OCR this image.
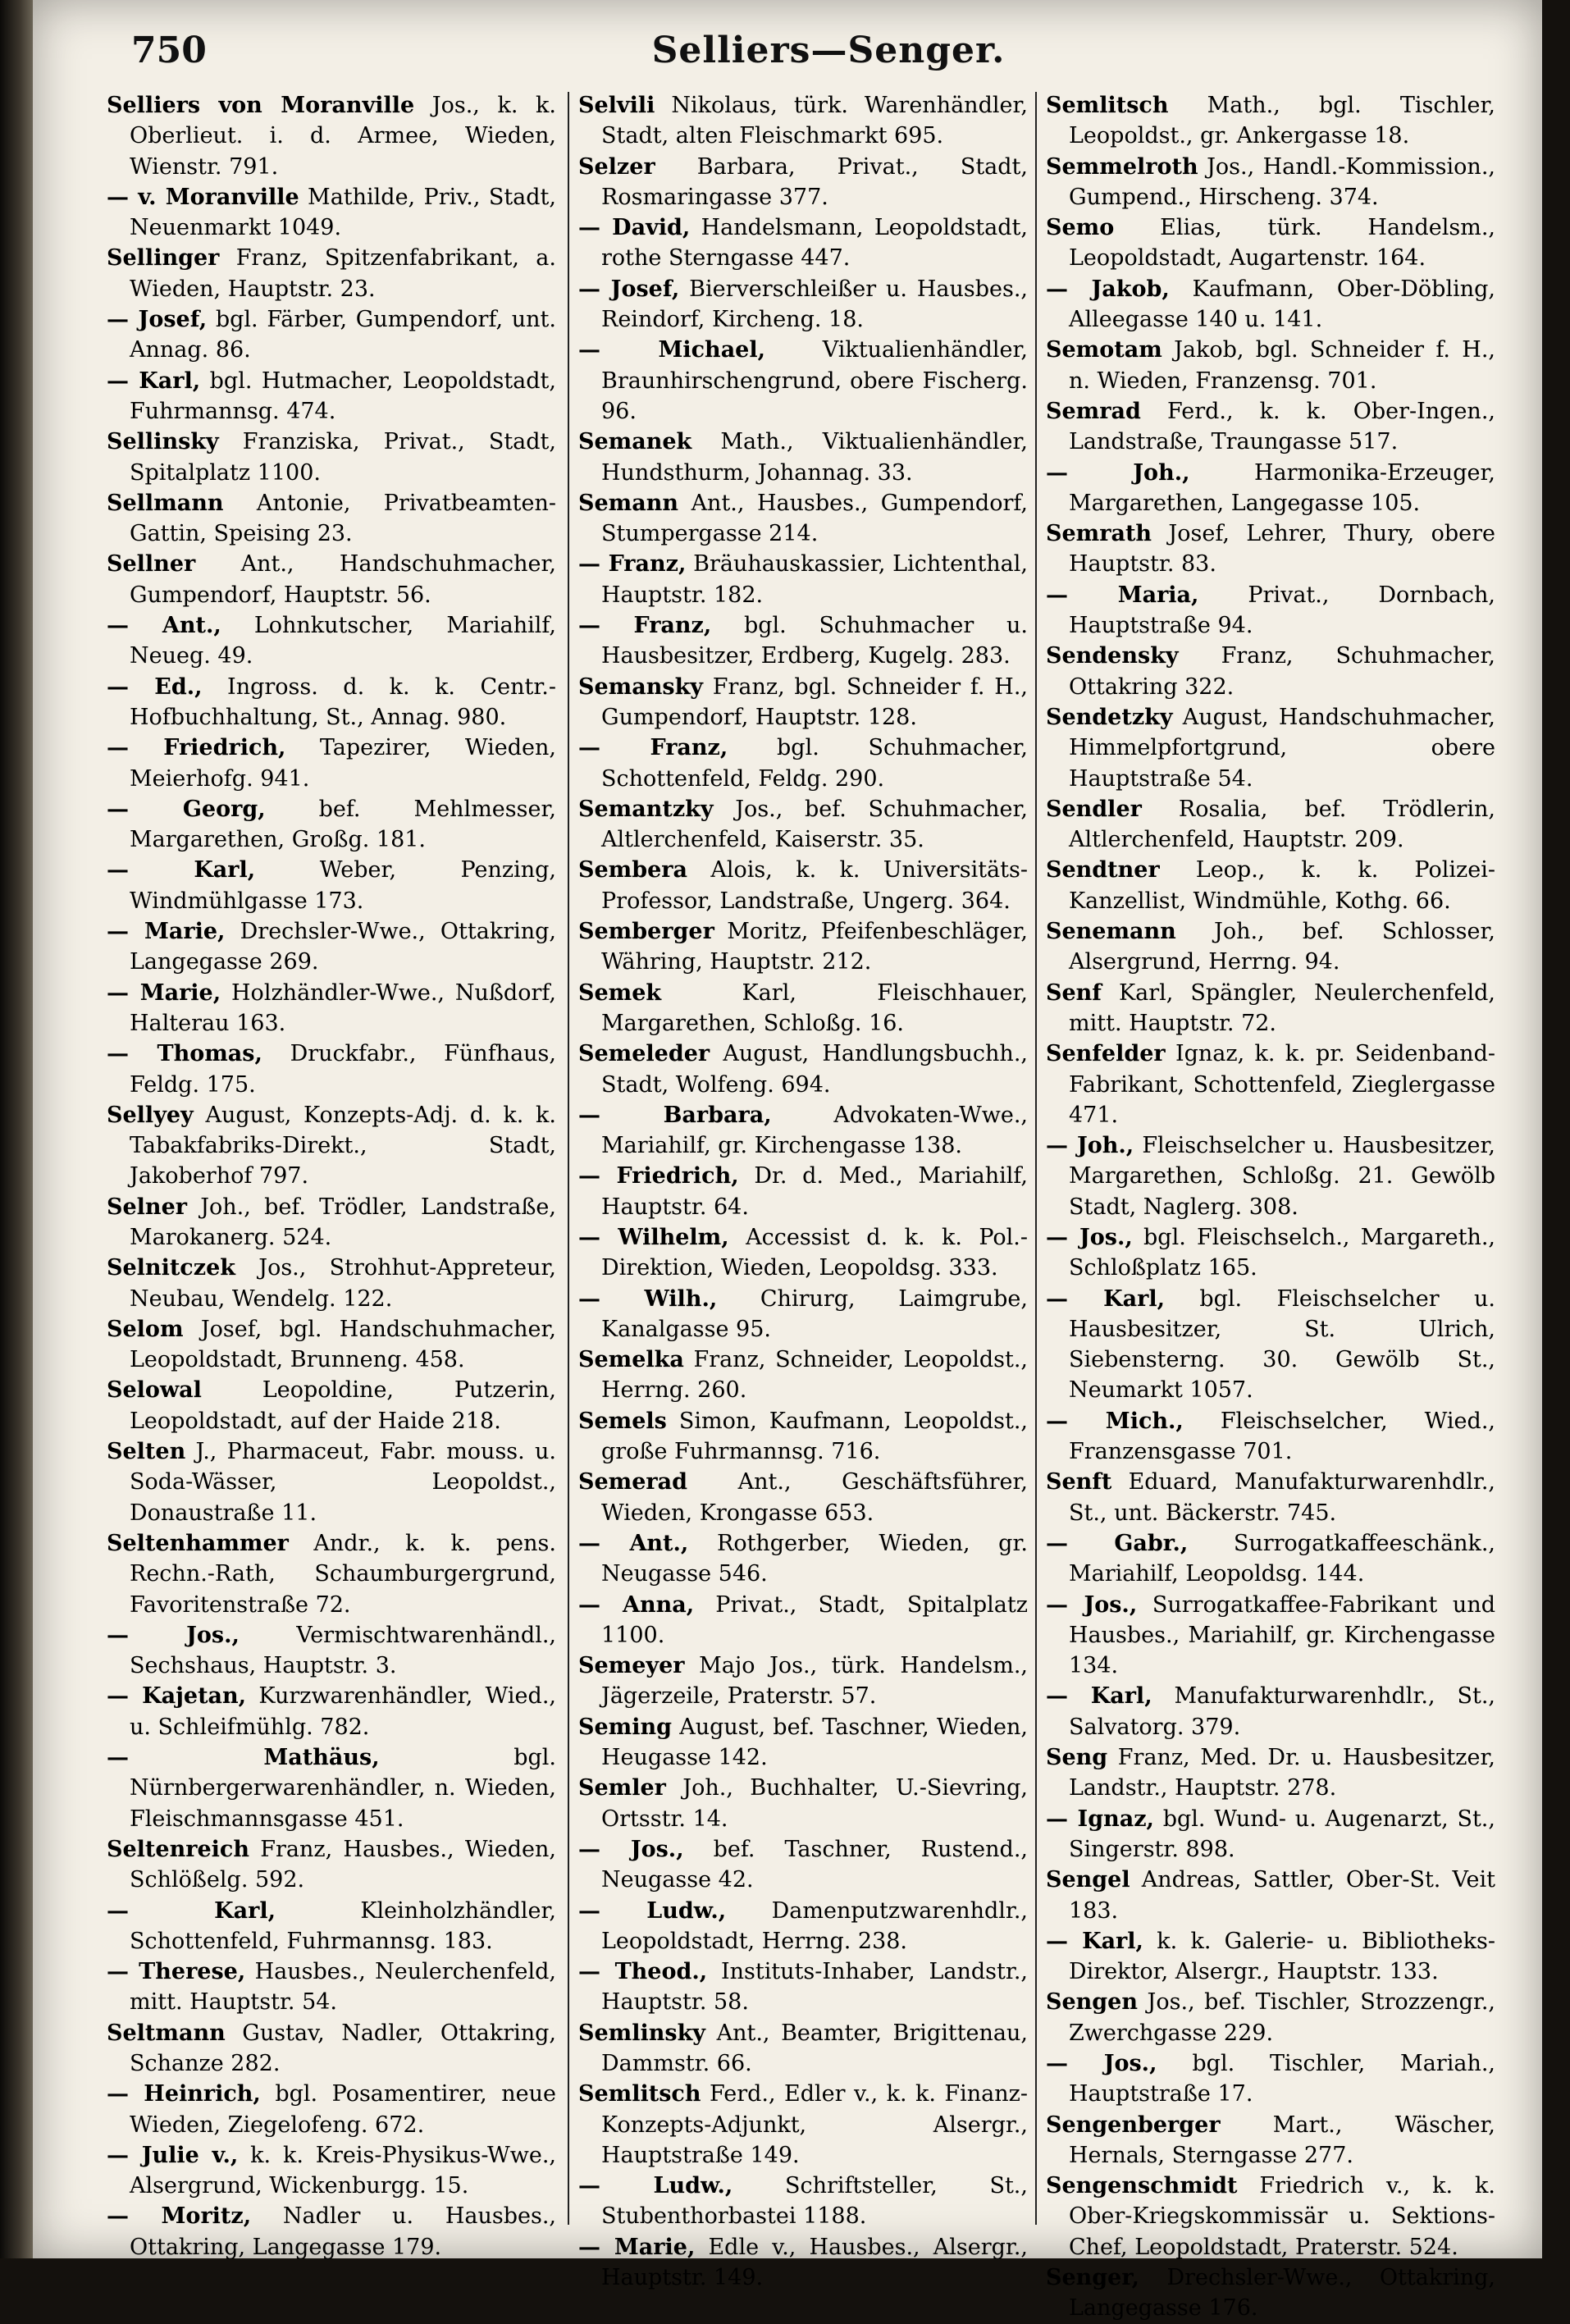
750	Selliers—Senger.

Selliers von Moranville Jos., k. k. Oberlieut. i. d. Armee, Wieden, Wienstr. 791.

— v. Moranville Mathilde, Priv., Stadt, Neuenmarkt 1049.

Sellinger Franz, Spitzenfabrikant, a. Wieden, Hauptstr. 23.

— Josef, bgl. Färber, Gumpendorf, unt. Annag. 86.

— Karl, bgl. Hutmacher, Leopoldstadt, Fuhrmannsg. 474.

Sellinsky Franziska, Privat., Stadt, Spitalplatz 1100.

Sellmann Antonie, Privatbeamten-Gattin, Speising 23.

Sellner Ant., Handschuhmacher, Gumpendorf, Hauptstr. 56.

— Ant., Lohnkutscher, Mariahilf, Neueg. 49.

— Ed., Ingross. d. k. k. Centr.-Hofbuchhaltung, St., Annag. 980.

— Friedrich, Tapezirer, Wieden, Meierhofg. 941.

— Georg, bef. Mehlmesser, Margarethen, Großg. 181.

— Karl,	Weber, Penzing, Windmühlgasse 173.

— Marie, Drechsler-Wwe., Ottakring, Langegasse 269.

— Marie, Holzhändler-Wwe., Nußdorf, Halterau 163.

— Thomas, Druckfabr., Fünfhaus, Feldg. 175.

Sellyey August, Konzepts-Adj. d. k. k. Tabakfabriks-Direkt., Stadt, Jakoberhof 797.

Selner Joh., bef. Trödler, Landstraße, Marokanerg. 524.

Selnitczek Jos., Strohhut-Appreteur, Neubau, Wendelg. 122.

Selom Josef, bgl. Handschuhmacher, Leopoldstadt, Brunneng. 458.

Selowal	Leopoldine, Putzerin, Leopoldstadt, auf der Haide 218.

Selten J., Pharmaceut, Fabr. mouss. u. Soda-Wässer, Leopoldst., Donaustraße 11.

Seltenhammer Andr., k. k. pens. Rechn.-Rath, Schaumburgergrund, Favoritenstraße 72.

— Jos.,	Vermischtwarenhändl., Sechshaus, Hauptstr. 3.

— Kajetan, Kurzwarenhändler, Wied., u. Schleifmühlg. 782.

— Mathäus,	bgl. Nürnbergerwarenhändler, n. Wieden, Fleischmannsgasse 451.

Seltenreich Franz, Hausbes., Wieden, Schlößelg. 592.

— Karl,	Kleinholzhändler, Schottenfeld, Fuhrmannsg. 183.

— Therese, Hausbes., Neulerchenfeld, mitt. Hauptstr. 54.

Seltmann Gustav, Nadler, Ottakring, Schanze 282.

— Heinrich, bgl. Posamentirer, neue Wieden, Ziegelofeng. 672.

— Julie v., k. k. Kreis-Physikus-Wwe., Alsergrund, Wickenburgg. 15.

— Moritz, Nadler u. Hausbes., Ottakring, Langegasse 179.

Selvili Nikolaus, türk. Warenhändler, Stadt, alten Fleischmarkt 695.

Selzer Barbara, Privat., Stadt, Rosmaringasse 377.

— David, Handelsmann, Leopoldstadt, rothe Sterngasse 447.

— Josef, Bierverschleißer u. Hausbes., Reindorf, Kircheng. 18.

— Michael,	Viktualienhändler, Braunhirschengrund, obere Fischerg. 96.

Semanek Math., Viktualienhändler, Hundsthurm, Johannag. 33.

Semann Ant., Hausbes., Gumpendorf, Stumpergasse 214.

— Franz, Bräuhauskassier, Lichtenthal, Hauptstr. 182.

— Franz, bgl. Schuhmacher u. Hausbesitzer, Erdberg, Kugelg. 283.

Semansky Franz, bgl. Schneider f. H., Gumpendorf, Hauptstr. 128.

— Franz, bgl. Schuhmacher, Schottenfeld, Feldg. 290.

Semantzky Jos., bef. Schuhmacher, Altlerchenfeld, Kaiserstr. 35.

Sembera Alois, k. k. Universitäts-Professor, Landstraße, Ungerg. 364.

Semberger Moritz, Pfeifenbeschläger, Währing, Hauptstr. 212.

Semek	Karl, Fleischhauer, Margarethen, Schloßg. 16.

Semeleder August, Handlungsbuchh., Stadt, Wolfeng. 694.

— Barbara,	Advokaten-Wwe., Mariahilf, gr. Kirchengasse 138.

— Friedrich, Dr. d. Med., Mariahilf, Hauptstr. 64.

— Wilhelm, Accessist d. k. k. Pol.-Direktion, Wieden, Leopoldsg. 333.

— Wilh., Chirurg, Laimgrube, Kanalgasse 95.

Semelka Franz, Schneider, Leopoldst., Herrng. 260.

Semels Simon, Kaufmann, Leopoldst., große Fuhrmannsg. 716.

Semerad Ant., Geschäftsführer, Wieden, Krongasse 653.

— Ant., Rothgerber, Wieden, gr. Neugasse 546.

— Anna, Privat., Stadt, Spitalplatz 1100.

Semeyer Majo Jos., türk. Handelsm., Jägerzeile, Praterstr. 57.

Seming August, bef. Taschner, Wieden, Heugasse 142.

Semler Joh., Buchhalter, U.-Sievring, Ortsstr. 14.

— Jos., bef. Taschner, Rustend., Neugasse 42.

— Ludw., Damenputzwarenhdlr., Leopoldstadt, Herrng. 238.

— Theod., Instituts-Inhaber, Landstr., Hauptstr. 58.

Semlinsky Ant., Beamter, Brigittenau, Dammstr. 66.

Semlitsch Ferd., Edler v., k. k. Finanz-Konzepts-Adjunkt, Alsergr., Hauptstraße 149.

— Ludw., Schriftsteller, St., Stubenthorbastei 1188.

— Marie, Edle v., Hausbes., Alsergr., Hauptstr. 149.

Semlitsch Math., bgl. Tischler, Leopoldst., gr. Ankergasse 18.

Semmelroth Jos., Handl.-Kommission., Gumpend., Hirscheng. 374.

Semo Elias, türk. Handelsm., Leopoldstadt, Augartenstr. 164.

— Jakob, Kaufmann, Ober-Döbling, Alleegasse 140 u. 141.

Semotam Jakob, bgl. Schneider f. H., n. Wieden, Franzensg. 701.

Semrad Ferd., k. k. Ober-Ingen., Landstraße, Traungasse 517.

— Joh.,	Harmonika-Erzeuger, Margarethen, Langegasse 105.

Semrath Josef, Lehrer, Thury, obere Hauptstr. 83.

— Maria, Privat., Dornbach, Hauptstraße 94.

Sendensky Franz, Schuhmacher, Ottakring 322.

Sendetzky August, Handschuhmacher, Himmelpfortgrund, obere Hauptstraße 54.

Sendler Rosalia, bef. Trödlerin, Altlerchenfeld, Hauptstr. 209.

Sendtner Leop., k. k. Polizei-Kanzellist, Windmühle, Kothg. 66.

Senemann Joh., bef. Schlosser, Alsergrund, Herrng. 94.

Senf Karl, Spängler, Neulerchenfeld, mitt. Hauptstr. 72.

Senfelder Ignaz, k. k. pr. Seidenband-Fabrikant, Schottenfeld, Zieglergasse 471.

— Joh., Fleischselcher u. Hausbesitzer, Margarethen, Schloßg. 21. Gewölb Stadt, Naglerg. 308.

— Jos., bgl. Fleischselch., Margareth., Schloßplatz 165.

— Karl, bgl. Fleischselcher u. Hausbesitzer, St. Ulrich, Siebensterng. 30. Gewölb St., Neumarkt 1057.

— Mich., Fleischselcher, Wied., Franzensgasse 701.

Senft Eduard, Manufakturwarenhdlr., St., unt. Bäckerstr. 745.

— Gabr., Surrogatkaffeeschänk., Mariahilf, Leopoldsg. 144.

— Jos., Surrogatkaffee-Fabrikant und Hausbes., Mariahilf, gr. Kirchengasse 134.

— Karl, Manufakturwarenhdlr., St., Salvatorg. 379.

Seng Franz, Med. Dr. u. Hausbesitzer, Landstr., Hauptstr. 278.

— Ignaz, bgl. Wund- u. Augenarzt, St., Singerstr. 898.

Sengel Andreas, Sattler, Ober-St. Veit 183.

— Karl, k. k. Galerie- u. Bibliotheks-Direktor, Alsergr., Hauptstr. 133.

Sengen Jos., bef. Tischler, Strozzengr., Zwerchgasse 229.

— Jos., bgl. Tischler, Mariah., Hauptstraße 17.

Sengenberger Mart., Wäscher, Hernals, Sterngasse 277.

Sengenschmidt Friedrich v., k. k. Ober-Kriegskommissär u. Sektions-Chef, Leopoldstadt, Praterstr. 524.

Senger, Drechsler-Wwe., Ottakring, Langegasse 176.
